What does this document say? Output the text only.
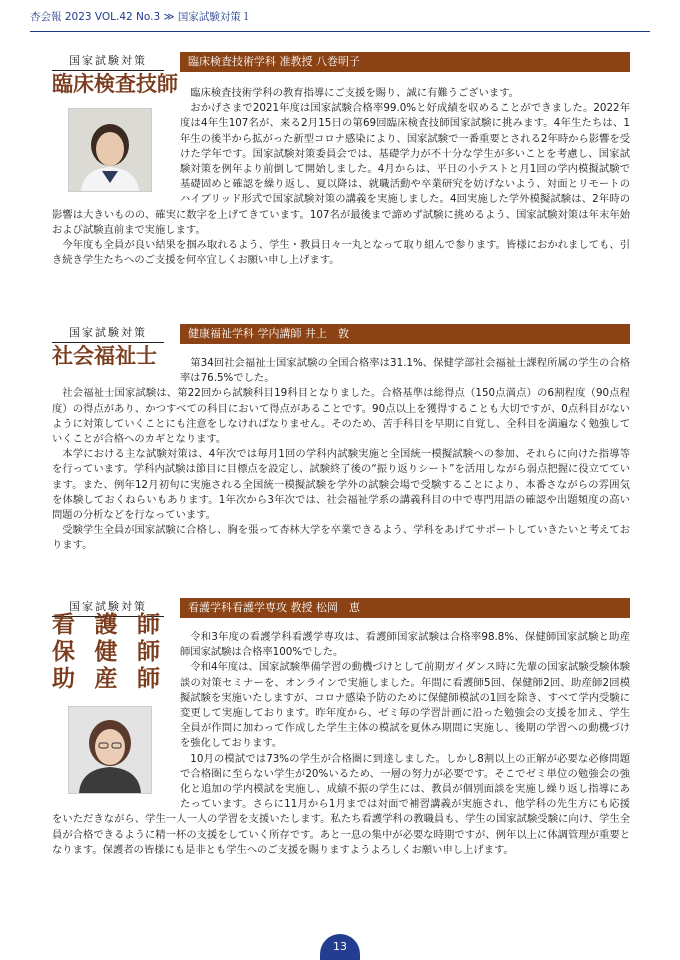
杏会報 2023 VOL.42 No.3 ≫ 国家試験対策１
国家試験対策
臨床検査技師
臨床検査技術学科 准教授 八巻明子

臨床検査技術学科の教育指導にご支援を賜り、誠に有難うございます。

おかげさまで2021年度は国家試験合格率99.0%と好成績を収めることができました。2022年度は4年生107名が、来る2月15日の第69回臨床検査技師国家試験に挑みます。4年生たちは、1年生の後半から拡がった新型コロナ感染により、国家試験で一番重要とされる2年時から影響を受けた学年です。国家試験対策委員会では、基礎学力が不十分な学生が多いことを考慮し、国家試験対策を例年より前倒して開始しました。4月からは、平日の小テストと月1回の学内模擬試験で基礎固めと確認を繰り返し、夏以降は、就職活動や卒業研究を妨げないよう、対面とリモートのハイブリッド形式で国家試験対策の講義を実施しました。4回実施した学外模擬試験は、2年時の影響は大きいものの、確実に数字を上げてきています。107名が最後まで諦めず試験に挑めるよう、国家試験対策は年末年始および試験直前まで実施します。

今年度も全員が良い結果を掴み取れるよう、学生・教員日々一丸となって取り組んで参ります。皆様におかれましても、引き続き学生たちへのご支援を何卒宜しくお願い申し上げます。

国家試験対策
社会福祉士
健康福祉学科 学内講師 井上　敦

第34回社会福祉士国家試験の全国合格率は31.1%、保健学部社会福祉士課程所属の学生の合格率は76.5%でした。

社会福祉士国家試験は、第22回から試験科目19科目となりました。合格基準は総得点（150点満点）の6割程度（90点程度）の得点があり、かつすべての科目において得点があることです。90点以上を獲得することも大切ですが、0点科目がないように対策していくことにも注意をしなければなりません。そのため、苦手科目を早期に自覚し、全科目を満遍なく勉強していくことが合格へのカギとなります。

本学における主な試験対策は、4年次では毎月1回の学科内試験実施と全国統一模擬試験への参加、それらに向けた指導等を行っています。学科内試験は節目に目標点を設定し、試験終了後の“振り返りシート”を活用しながら弱点把握に役立てています。また、例年12月初旬に実施される全国統一模擬試験を学外の試験会場で受験することにより、本番さながらの雰囲気を体験しておくねらいもあります。1年次から3年次では、社会福祉学系の講義科目の中で専門用語の確認や出題頻度の高い問題の分析などを行なっています。

受験学生全員が国家試験に合格し、胸を張って杏林大学を卒業できるよう、学科をあげてサポートしていきたいと考えております。

国家試験対策
看 護 師
保 健 師
助 産 師
看護学科看護学専攻 教授 松岡　恵

令和3年度の看護学科看護学専攻は、看護師国家試験は合格率98.8%、保健師国家試験と助産師国家試験は合格率100%でした。

令和4年度は、国家試験準備学習の動機づけとして前期ガイダンス時に先輩の国家試験受験体験談の対策セミナーを、オンラインで実施しました。年間に看護師5回、保健師2回、助産師2回模擬試験を実施いたしますが、コロナ感染予防のために保健師模試の1回を除き、すべて学内受験に変更して実施しております。昨年度から、ゼミ毎の学習計画に沿った勉強会の支援を加え、学生全員が作問に加わって作成した学生主体の模試を夏休み期間に実施し、後期の学習への動機づけを強化しております。

10月の模試では73%の学生が合格圏に到達しました。しかし8割以上の正解が必要な必修問題で合格圏に至らない学生が20%いるため、一層の努力が必要です。そこでゼミ単位の勉強会の強化と追加の学内模試を実施し、成績不振の学生には、教員が個別面談を実施し繰り返し指導にあたっています。さらに11月から1月までは対面で補習講義が実施され、他学科の先生方にも応援をいただきながら、学生一人一人の学習を支援いたします。私たち看護学科の教職員も、学生の国家試験受験に向け、学生全員が合格できるように精一杯の支援をしていく所存です。あと一息の集中が必要な時期ですが、例年以上に体調管理が重要となります。保護者の皆様にも是非とも学生へのご支援を賜りますようよろしくお願い申し上げます。

13
